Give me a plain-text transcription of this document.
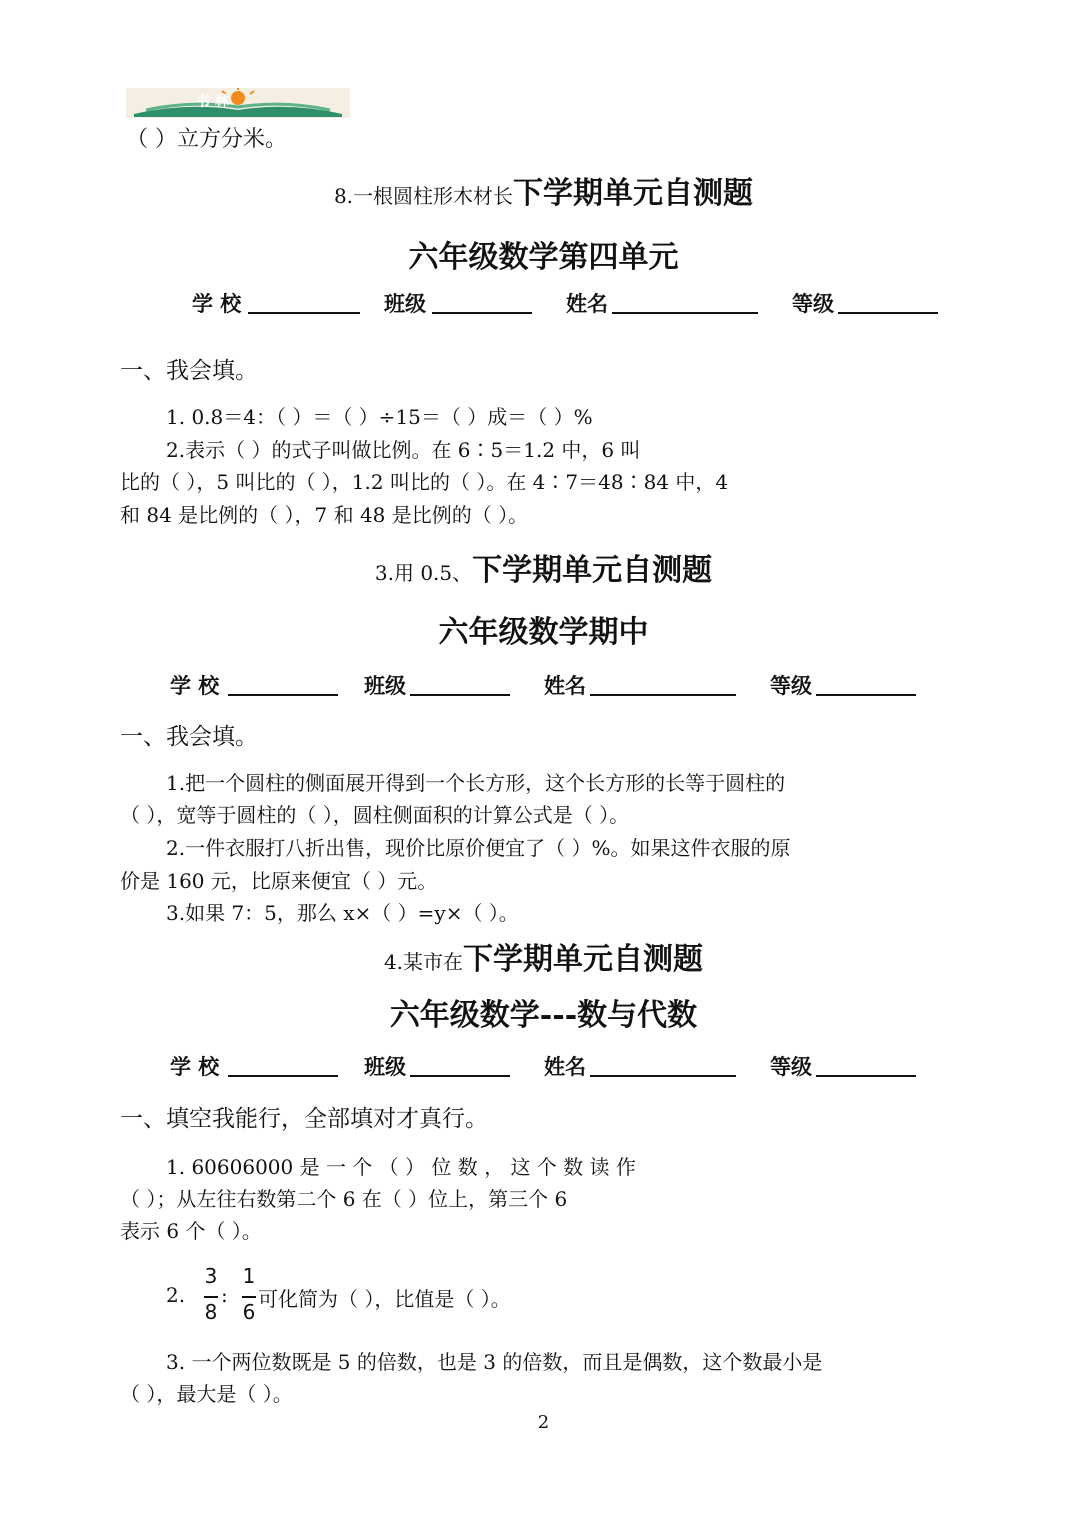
书 林
（ ）立方分米。
8.一根圆柱形木材长下学期单元自测题
六年级数学第四单元
学 校	班级	姓名	等级
一、我会填。
1. 0.8＝4：（ ）＝（ ）÷15＝（ ）成＝（ ）%
2.表示（ ）的式子叫做比例。在 6∶5＝1.2 中，6 叫
比的（ ），5 叫比的（ ），1.2 叫比的（ ）。在 4∶7＝48∶84 中，4
和 84 是比例的（ ），7 和 48 是比例的（ ）。
3.用 0.5、下学期单元自测题
六年级数学期中
学 校	班级	姓名	等级
一、我会填。
1.把一个圆柱的侧面展开得到一个长方形，这个长方形的长等于圆柱的
（ ），宽等于圆柱的（ ），圆柱侧面积的计算公式是（ ）。
2.一件衣服打八折出售，现价比原价便宜了（ ）%。如果这件衣服的原
价是 160 元，比原来便宜（ ）元。
3.如果 7：5，那么 x×（ ）=y×（ ）。
4.某市在下学期单元自测题
六年级数学---数与代数
学 校	班级	姓名	等级
一、填空我能行，全部填对才真行。
1. 60606000 是 一 个 （ ） 位 数 ， 这 个 数 读 作
（ ）；从左往右数第二个 6 在（ ）位上，第三个 6
表示 6 个（ ）。
2.
3
8
:
1
6
可化简为（ ），比值是（ ）。
3. 一个两位数既是 5 的倍数，也是 3 的倍数，而且是偶数，这个数最小是
（ ），最大是（ ）。
2
